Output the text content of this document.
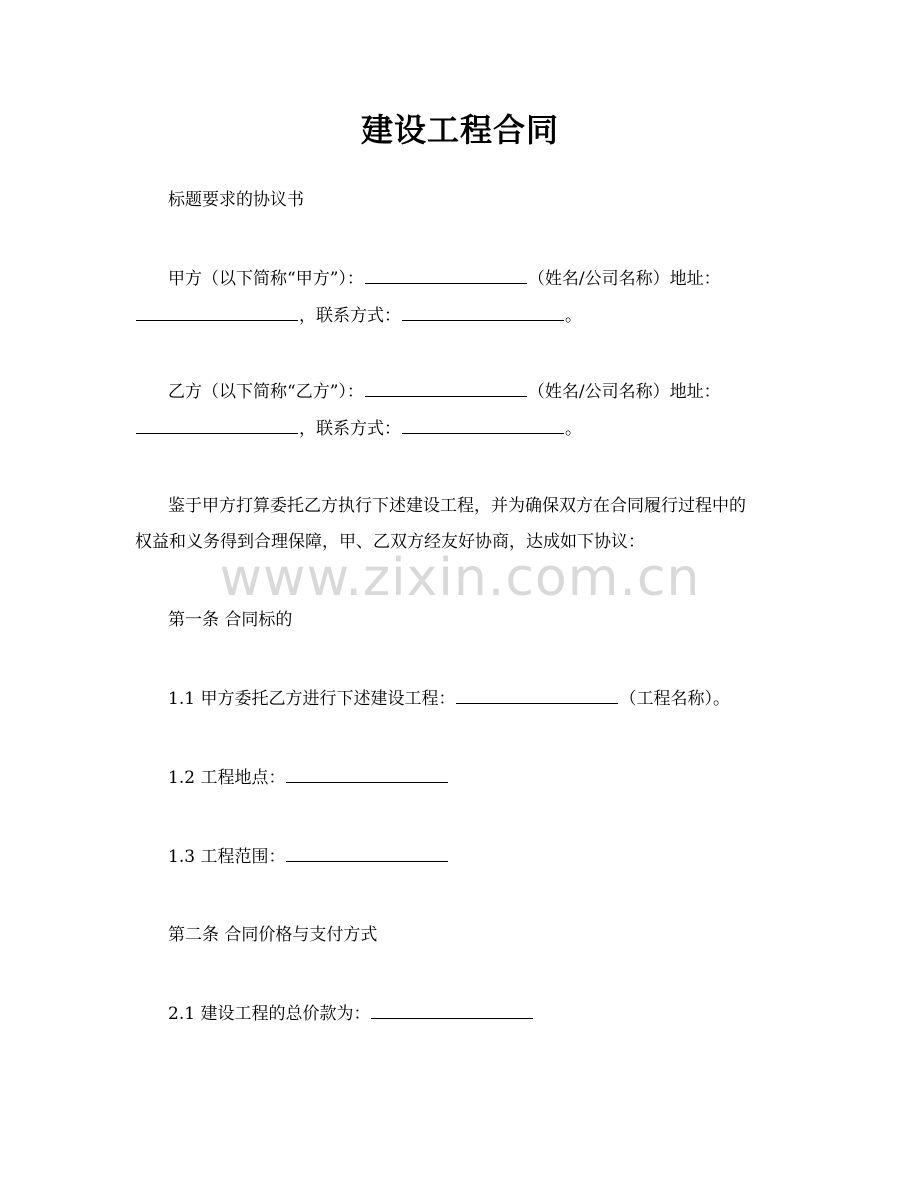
建设工程合同
标题要求的协议书
甲方（以下简称“甲方”）：	（姓名/公司名称）地址：
，联系方式：	。
乙方（以下简称“乙方”）：	（姓名/公司名称）地址：
，联系方式：	。
鉴于甲方打算委托乙方执行下述建设工程，并为确保双方在合同履行过程中的
权益和义务得到合理保障，甲、乙双方经友好协商，达成如下协议：
www.zixin.com.cn
第一条 合同标的
1.1 甲方委托乙方进行下述建设工程：	（工程名称）。
1.2 工程地点：
1.3 工程范围：
第二条 合同价格与支付方式
2.1 建设工程的总价款为：
